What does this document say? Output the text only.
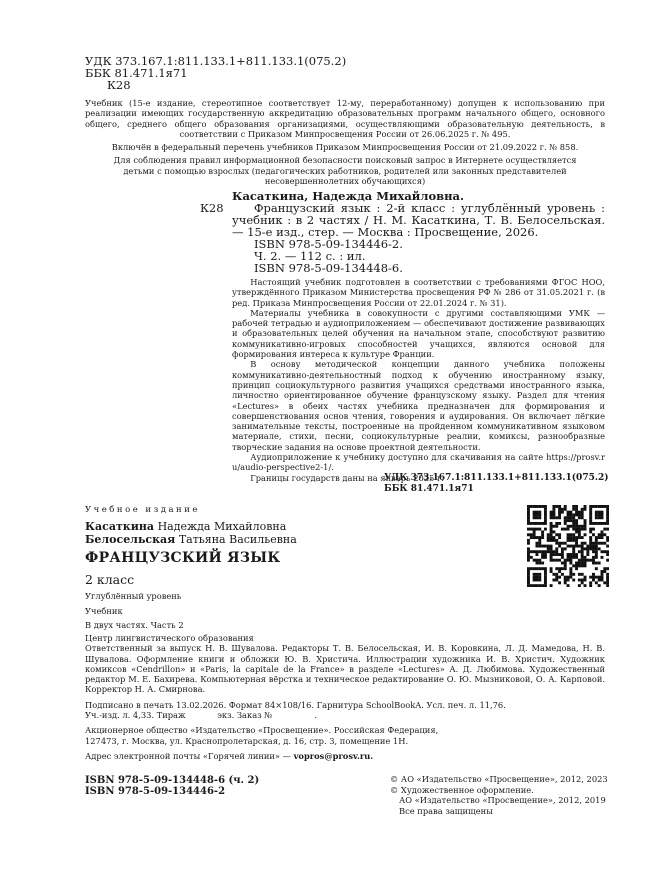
УДК 373.167.1:811.133.1+811.133.1(075.2)
ББК 81.471.1я71
К28

Учебник (15-е издание, стереотипное соответствует 12-му, переработанному) допущен к использованию при реализации имеющих государственную аккредитацию образовательных программ начального общего, основного общего, среднего общего образования организациями, осуществляющими образовательную деятельность, в соответствии с Приказом Минпросвещения России от 26.06.2025 г. № 495.

Включён в федеральный перечень учебников Приказом Минпросвещения России от 21.09.2022 г. № 858.

Для соблюдения правил информационной безопасности поисковый запрос в Интернете осуществляется детьми с помощью взрослых (педагогических работников, родителей или законных представителей несовершеннолетних обучающихся)

Касаткина, Надежда Михайловна.
К28	Французский язык : 2-й класс : углублённый уровень : учебник : в 2 частях / Н. М. Касаткина, Т. В. Белосельская. — 15-е изд., стер. — Москва : Просвещение, 2026.
ISBN 978-5-09-134446-2.
Ч. 2. — 112 с. : ил.
ISBN 978-5-09-134448-6.

Настоящий учебник подготовлен в соответствии с требованиями ФГОС НОО, утверждённого Приказом Министерства просвещения РФ № 286 от 31.05.2021 г. (в ред. Приказа Минпросвещения России от 22.01.2024 г. № 31).

Материалы учебника в совокупности с другими составляющими УМК — рабочей тетрадью и аудиоприложением — обеспечивают достижение развивающих и образовательных целей обучения на начальном этапе, способствуют развитию коммуникативно-игровых способностей учащихся, являются основой для формирования интереса к культуре Франции.

В основу методической концепции данного учебника положены коммуникативно-деятельностный подход к обучению иностранному языку, принцип социокультурного развития учащихся средствами иностранного языка, личностно ориентированное обучение французскому языку. Раздел для чтения «Lectures» в обеих частях учебника предназначен для формирования и совершенствования основ чтения, говорения и аудирования. Он включает лёгкие занимательные тексты, построенные на пройденном коммуникативном языковом материале, стихи, песни, социокультурные реалии, комиксы, разнообразные творческие задания на основе проектной деятельности.

Аудиоприложение к учебнику доступно для скачивания на сайте https://prosv.ru/audio-perspective2-1/.

Границы государств даны на январь 2025 г.

УДК 373.167.1:811.133.1+811.133.1(075.2)
ББК 81.471.1я71
Учебное издание
Касаткина Надежда Михайловна
Белосельская Татьяна Васильевна
ФРАНЦУЗСКИЙ ЯЗЫК
2 класс
Углублённый уровень
Учебник
В двух частях. Часть 2
Центр лингвистического образования

Ответственный за выпуск Н. В. Шувалова. Редакторы Т. В. Белосельская, И. В. Коровкина, Л. Д. Мамедова, Н. В. Шувалова. Оформление книги и обложки Ю. В. Христича. Иллюстрации художника И. В. Христич. Художник комиксов «Cendrillon» и «Paris, la capitale de la France» в разделе «Lectures» А. Д. Любимова. Художественный редактор М. Е. Бахирева. Компьютерная вёрстка и техническое редактирование О. Ю. Мызниковой, О. А. Карповой. Корректор Н. А. Смирнова.

Подписано в печать 13.02.2026. Формат 84×108/16. Гарнитура SchoolBookA. Усл. печ. л. 11,76.
Уч.-изд. л. 4,33. Тираж            экз. Заказ №                .
Акционерное общество «Издательство «Просвещение». Российская Федерация,
127473, г. Москва, ул. Краснопролетарская, д. 16, стр. 3, помещение 1Н.
Адрес электронной почты «Горячей линии» — vopros@prosv.ru.
ISBN 978-5-09-134448-6 (ч. 2)
ISBN 978-5-09-134446-2
© АО «Издательство «Просвещение», 2012, 2023
© Художественное оформление.
АО «Издательство «Просвещение», 2012, 2019
Все права защищены
